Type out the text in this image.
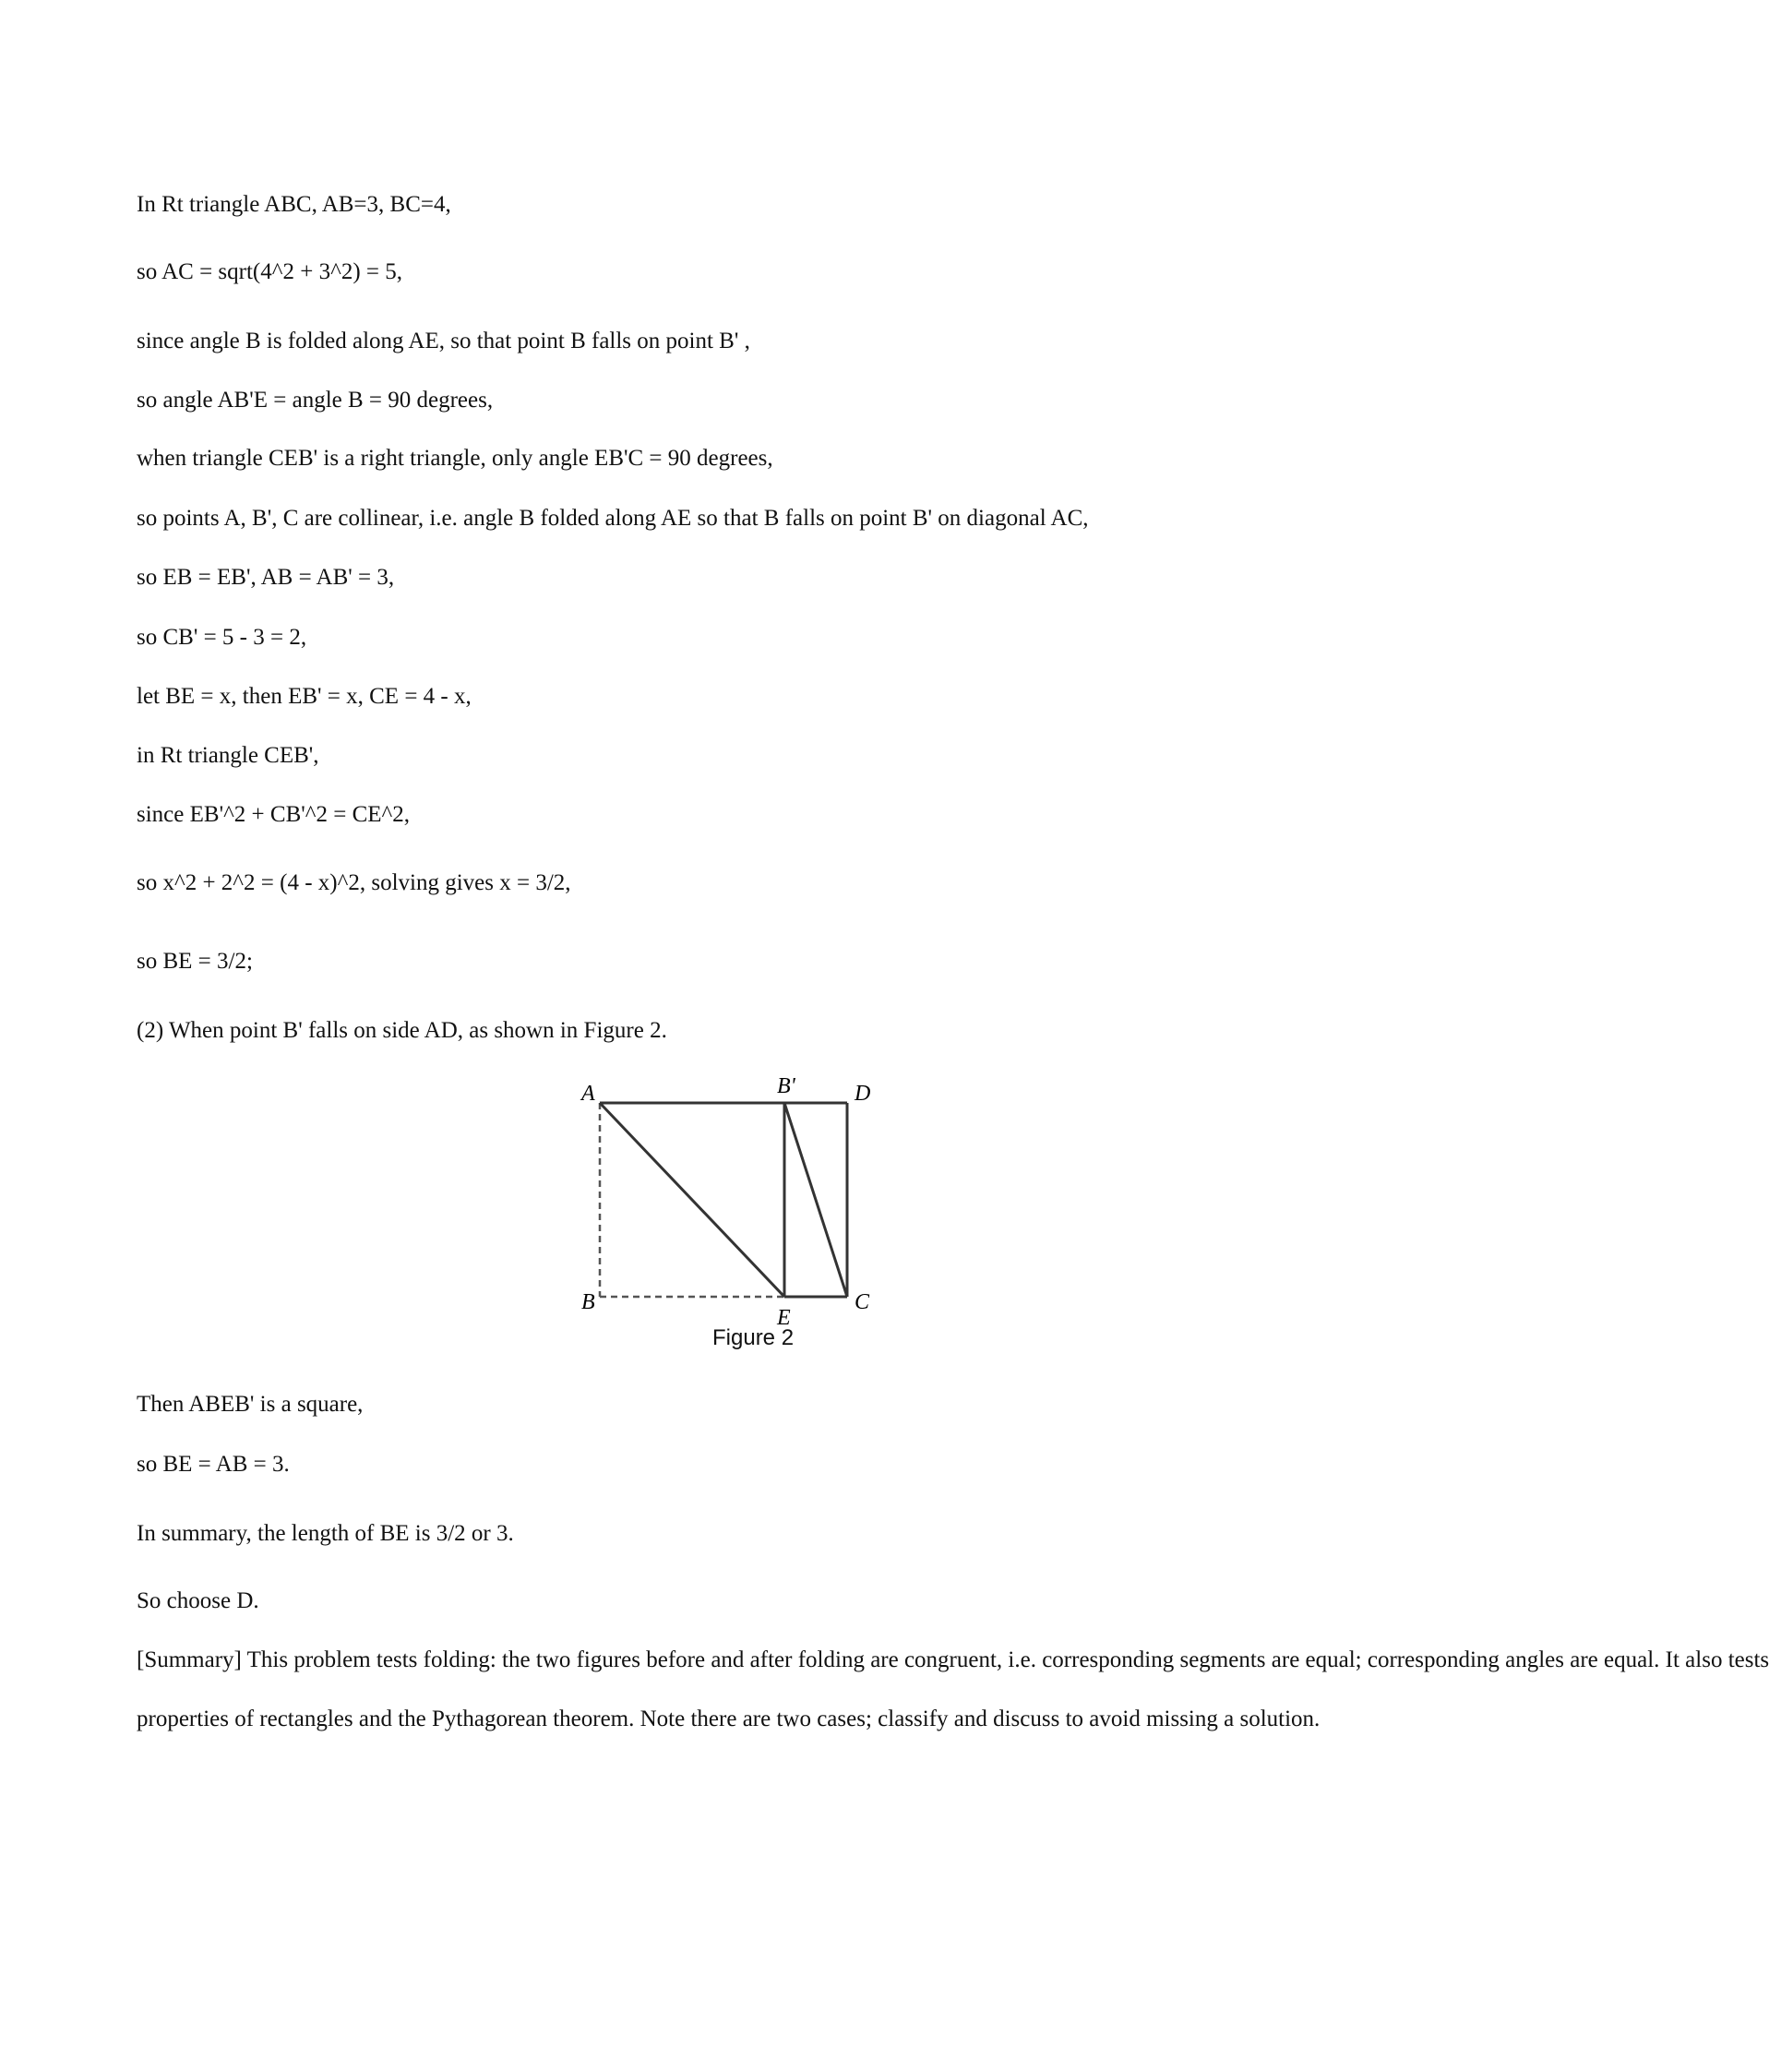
In Rt triangle ABC, AB=3, BC=4,
so AC = sqrt(4^2 + 3^2) = 5,
since angle B is folded along AE, so that point B falls on point B' ,
so angle AB'E = angle B = 90 degrees,
when triangle CEB' is a right triangle, only angle EB'C = 90 degrees,
so points A, B', C are collinear, i.e. angle B folded along AE so that B falls on point B' on diagonal AC,
so EB = EB', AB = AB' = 3,
so CB' = 5 - 3 = 2,
let BE = x, then EB' = x, CE = 4 - x,
in Rt triangle CEB',
since EB'^2 + CB'^2 = CE^2,
so x^2 + 2^2 = (4 - x)^2, solving gives x = 3/2,
so BE = 3/2;
(2) When point B' falls on side AD, as shown in Figure 2.
A
B
E
C
D
B'
Figure 2
Then ABEB' is a square,
so BE = AB = 3.
In summary, the length of BE is 3/2 or 3.
So choose D.
[Summary] This problem tests folding: the two figures before and after folding are congruent, i.e. corresponding segments are equal; corresponding angles are equal. It also tests
properties of rectangles and the Pythagorean theorem. Note there are two cases; classify and discuss to avoid missing a solution.
